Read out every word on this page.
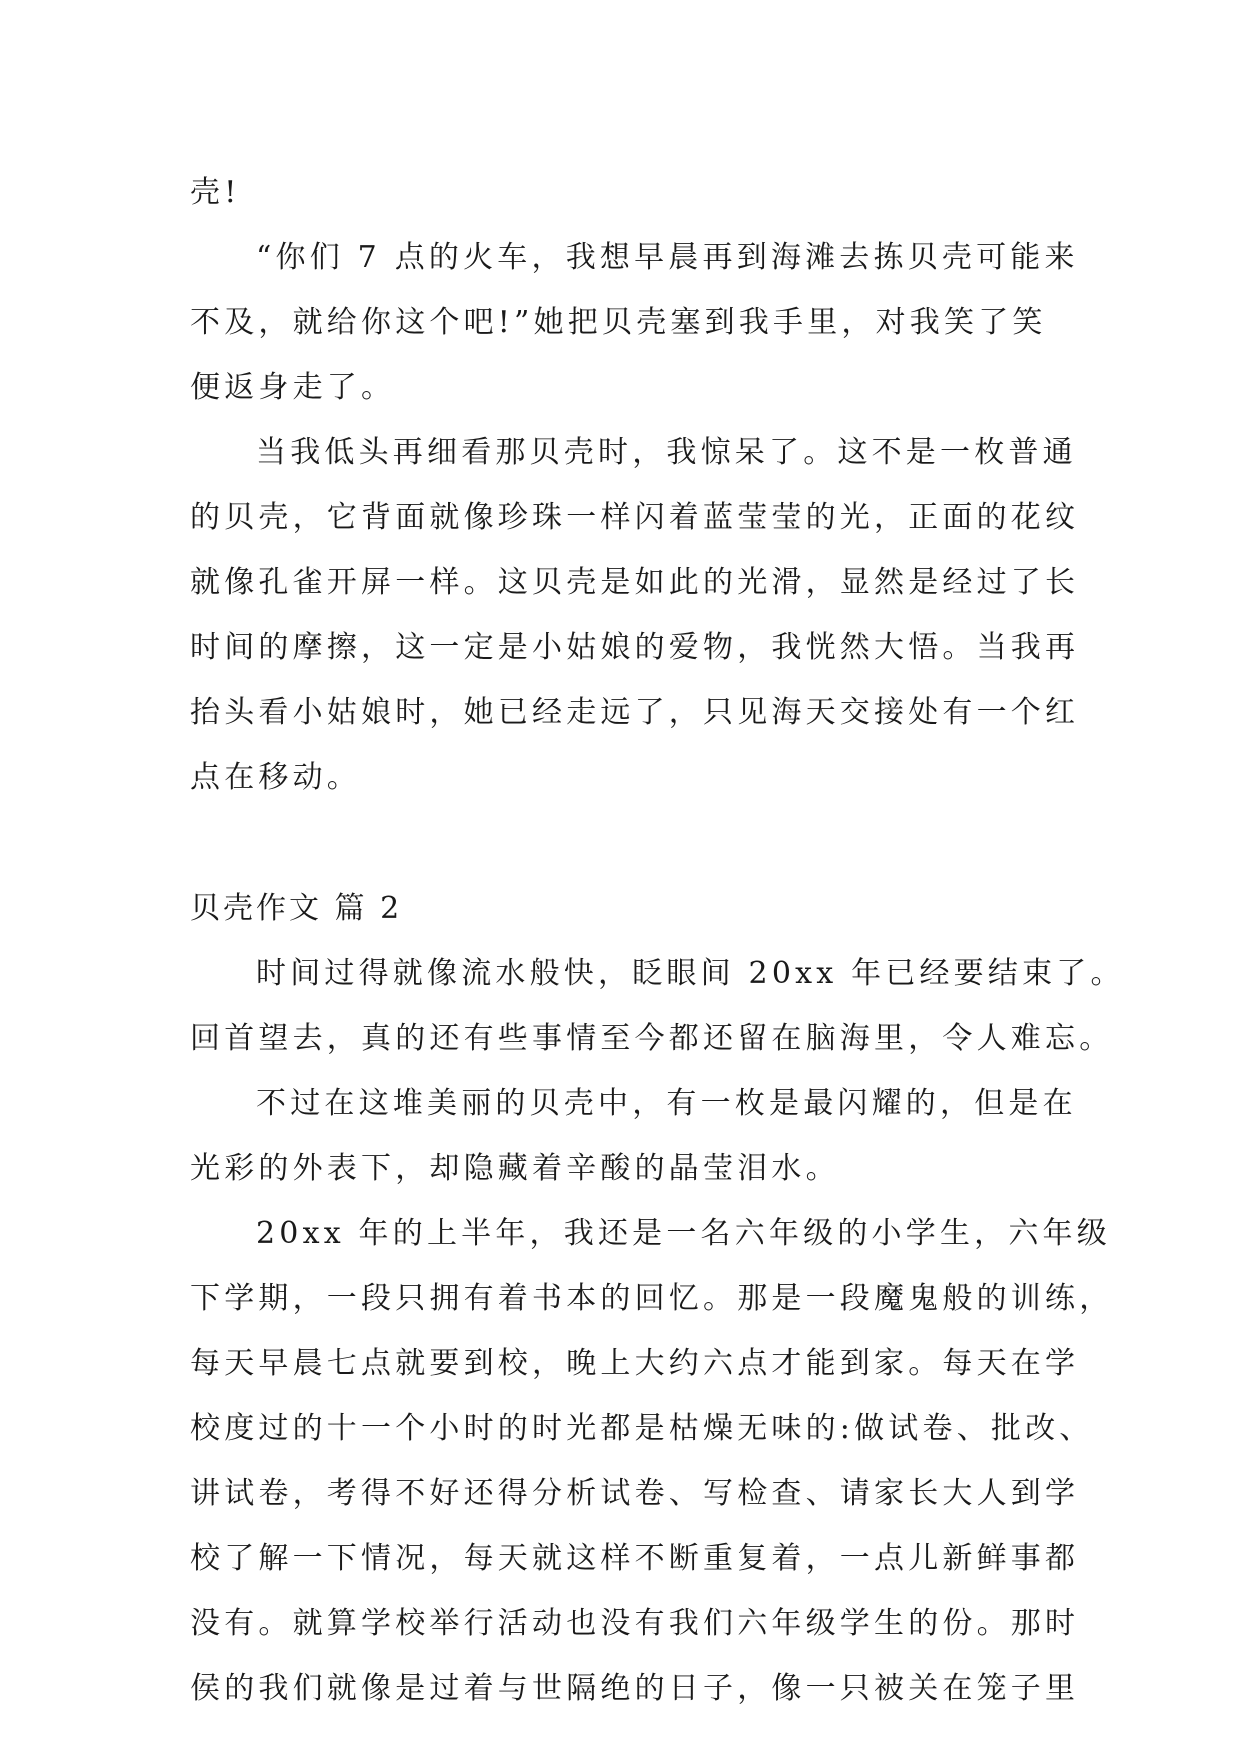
壳!
“你们 7 点的火车，我想早晨再到海滩去拣贝壳可能来
不及，就给你这个吧!”她把贝壳塞到我手里，对我笑了笑
便返身走了。
当我低头再细看那贝壳时，我惊呆了。这不是一枚普通
的贝壳，它背面就像珍珠一样闪着蓝莹莹的光，正面的花纹
就像孔雀开屏一样。这贝壳是如此的光滑，显然是经过了长
时间的摩擦，这一定是小姑娘的爱物，我恍然大悟。当我再
抬头看小姑娘时，她已经走远了，只见海天交接处有一个红
点在移动。
贝壳作文 篇 2
时间过得就像流水般快，眨眼间 20xx 年已经要结束了。
回首望去，真的还有些事情至今都还留在脑海里，令人难忘。
不过在这堆美丽的贝壳中，有一枚是最闪耀的，但是在
光彩的外表下，却隐藏着辛酸的晶莹泪水。
20xx 年的上半年，我还是一名六年级的小学生，六年级
下学期，一段只拥有着书本的回忆。那是一段魔鬼般的训练，
每天早晨七点就要到校，晚上大约六点才能到家。每天在学
校度过的十一个小时的时光都是枯燥无味的:做试卷、批改、
讲试卷，考得不好还得分析试卷、写检查、请家长大人到学
校了解一下情况，每天就这样不断重复着，一点儿新鲜事都
没有。就算学校举行活动也没有我们六年级学生的份。那时
侯的我们就像是过着与世隔绝的日子，像一只被关在笼子里
